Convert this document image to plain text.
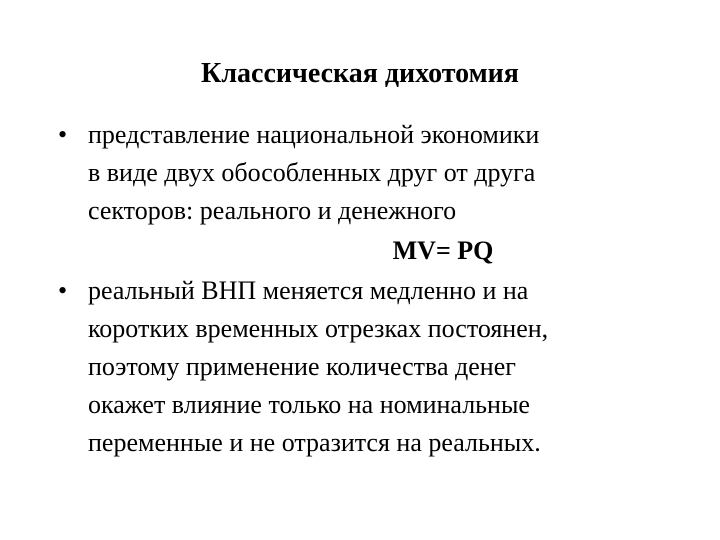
Классическая дихотомия
• представление национальной экономики
в виде двух обособленных друг от друга
секторов: реального и денежного
MV= PQ
• реальный ВНП меняется медленно и на
коротких временных отрезках постоянен,
поэтому применение количества денег
окажет влияние только на номинальные
переменные и не отразится на реальных.
